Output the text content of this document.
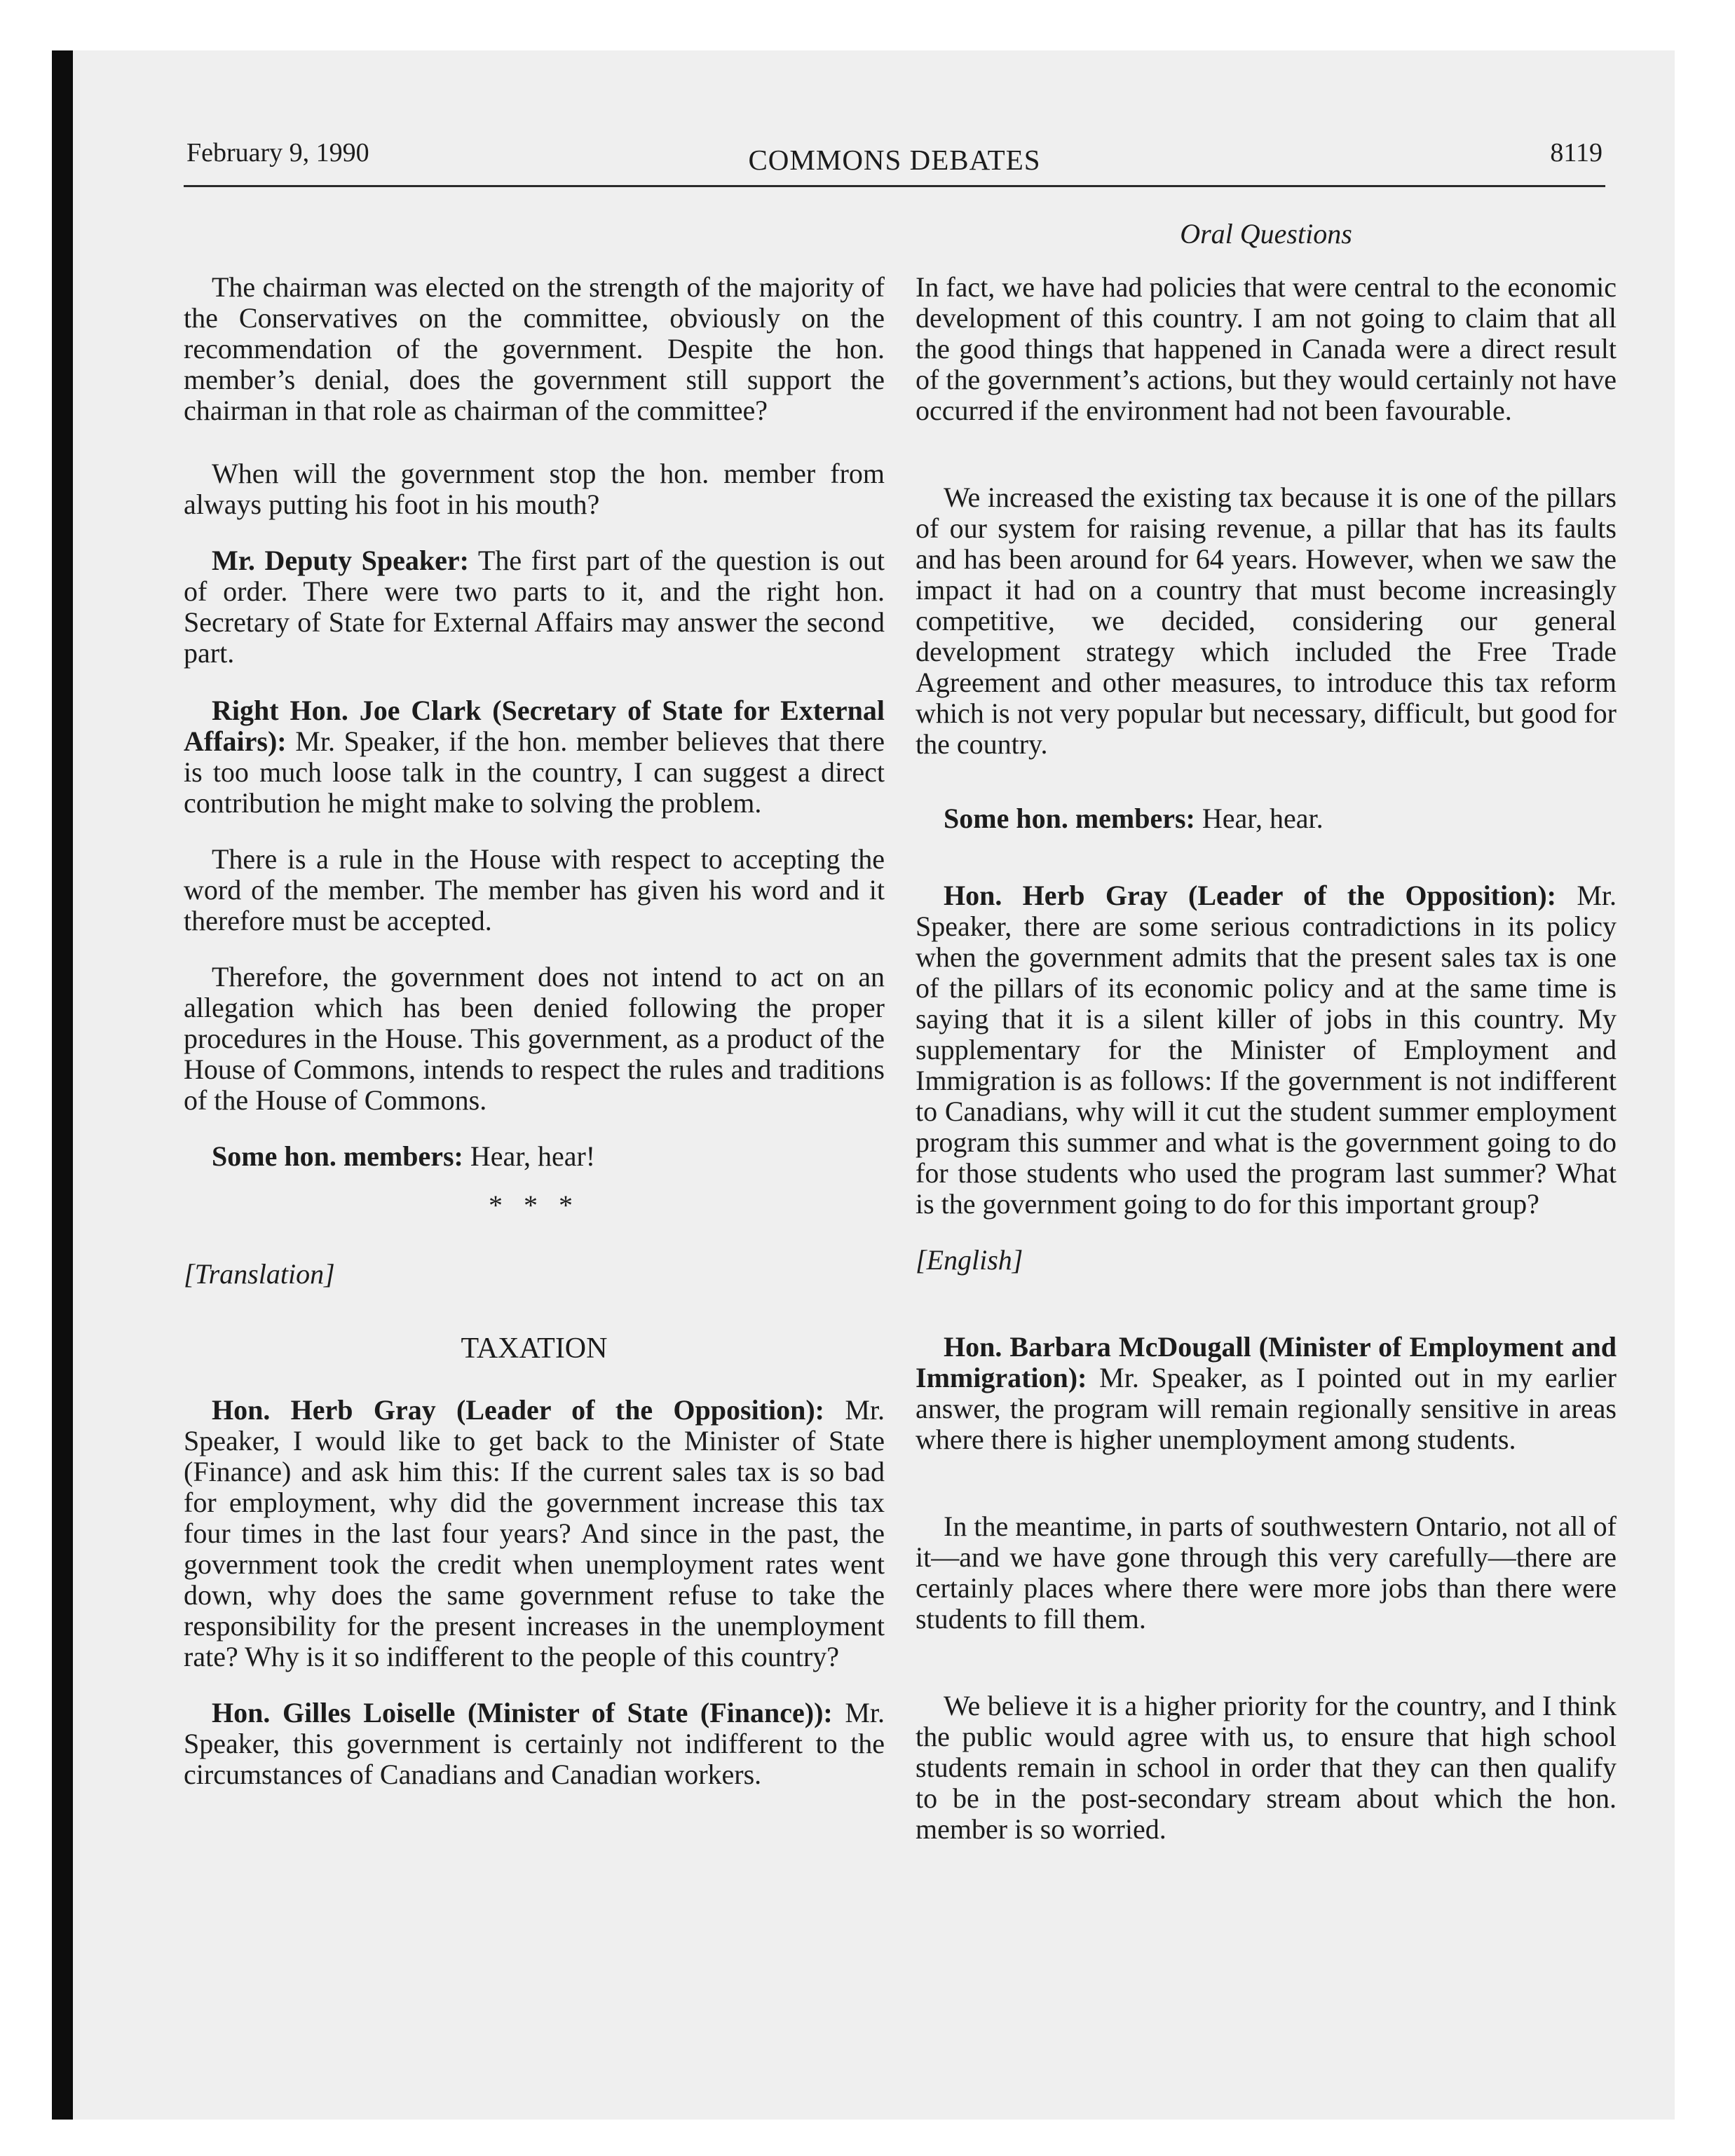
February 9, 1990	COMMONS DEBATES	8119

The chairman was elected on the strength of the majority of the Conservatives on the committee, obviously on the recommendation of the government. Despite the hon. member’s denial, does the government still support the chairman in that role as chairman of the committee?

When will the government stop the hon. member from always putting his foot in his mouth?

Mr. Deputy Speaker: The first part of the question is out of order. There were two parts to it, and the right hon. Secretary of State for External Affairs may answer the second part.

Right Hon. Joe Clark (Secretary of State for External Affairs): Mr. Speaker, if the hon. member believes that there is too much loose talk in the country, I can suggest a direct contribution he might make to solving the problem.

There is a rule in the House with respect to accepting the word of the member. The member has given his word and it therefore must be accepted.

Therefore, the government does not intend to act on an allegation which has been denied following the proper procedures in the House. This government, as a product of the House of Commons, intends to respect the rules and traditions of the House of Commons.

Some hon. members: Hear, hear!

* * *

[Translation]

TAXATION

Hon. Herb Gray (Leader of the Opposition): Mr. Speaker, I would like to get back to the Minister of State (Finance) and ask him this: If the current sales tax is so bad for employment, why did the government increase this tax four times in the last four years? And since in the past, the government took the credit when unemployment rates went down, why does the same government refuse to take the responsibility for the present increases in the unemployment rate? Why is it so indifferent to the people of this country?

Hon. Gilles Loiselle (Minister of State (Finance)): Mr. Speaker, this government is certainly not indifferent to the circumstances of Canadians and Canadian workers.

Oral Questions

In fact, we have had policies that were central to the economic development of this country. I am not going to claim that all the good things that happened in Canada were a direct result of the government’s actions, but they would certainly not have occurred if the environment had not been favourable.

We increased the existing tax because it is one of the pillars of our system for raising revenue, a pillar that has its faults and has been around for 64 years. However, when we saw the impact it had on a country that must become increasingly competitive, we decided, considering our general development strategy which included the Free Trade Agreement and other measures, to introduce this tax reform which is not very popular but necessary, difficult, but good for the country.

Some hon. members: Hear, hear.

Hon. Herb Gray (Leader of the Opposition): Mr. Speaker, there are some serious contradictions in its policy when the government admits that the present sales tax is one of the pillars of its economic policy and at the same time is saying that it is a silent killer of jobs in this country. My supplementary for the Minister of Employment and Immigration is as follows: If the government is not indifferent to Canadians, why will it cut the student summer employment program this summer and what is the government going to do for those students who used the program last summer? What is the government going to do for this important group?

[English]

Hon. Barbara McDougall (Minister of Employment and Immigration): Mr. Speaker, as I pointed out in my earlier answer, the program will remain regionally sensitive in areas where there is higher unemployment among students.

In the meantime, in parts of southwestern Ontario, not all of it—and we have gone through this very carefully—there are certainly places where there were more jobs than there were students to fill them.

We believe it is a higher priority for the country, and I think the public would agree with us, to ensure that high school students remain in school in order that they can then qualify to be in the post-secondary stream about which the hon. member is so worried.
